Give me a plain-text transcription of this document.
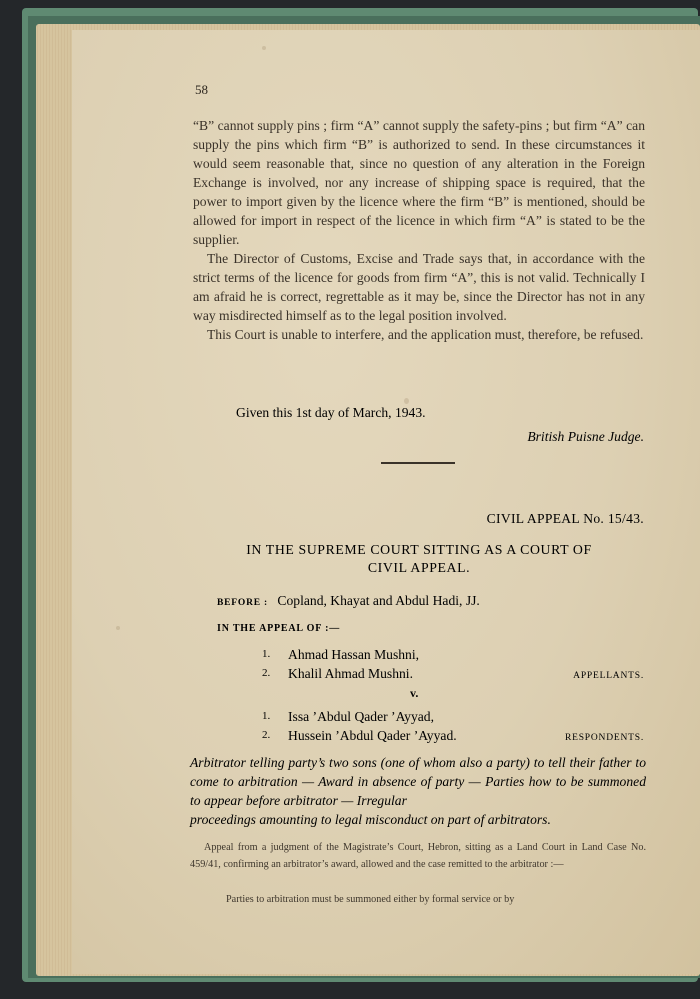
58

“B” cannot supply pins ; firm “A” cannot supply the safety-pins ; but firm “A” can supply the pins which firm “B” is authorized to send. In these circumstances it would seem reasonable that, since no question of any alteration in the Foreign Exchange is involved, nor any increase of shipping space is required, that the power to import given by the licence where the firm “B” is mentioned, should be allowed for import in respect of the licence in which firm “A” is stated to be the supplier.

The Director of Customs, Excise and Trade says that, in accordance with the strict terms of the licence for goods from firm “A”, this is not valid. Technically I am afraid he is correct, regrettable as it may be, since the Director has not in any way misdirected himself as to the legal position involved.

This Court is unable to interfere, and the application must, therefore, be refused.

Given this 1st day of March, 1943.
British Puisne Judge.
CIVIL APPEAL No. 15/43.
IN THE SUPREME COURT SITTING AS A COURT OF
CIVIL APPEAL.
BEFORE : Copland, Khayat and Abdul Hadi, JJ.
IN THE APPEAL OF :—
1. Ahmad Hassan Mushni,
2. Khalil Ahmad Mushni.	APPELLANTS.
v.
1. Issa ’Abdul Qader ’Ayyad,
2. Hussein ’Abdul Qader ’Ayyad.	RESPONDENTS.
Arbitrator telling party’s two sons (one of whom also a party) to tell their father to come to arbitration — Award in absence of party — Parties how to be summoned to appear before arbitrator — Irregular
proceedings amounting to legal misconduct on part of arbitrators.

Appeal from a judgment of the Magistrate’s Court, Hebron, sitting as a Land Court in Land Case No. 459/41, confirming an arbitrator’s award, allowed and the case remitted to the arbitrator :—

Parties to arbitration must be summoned either by formal service or by
